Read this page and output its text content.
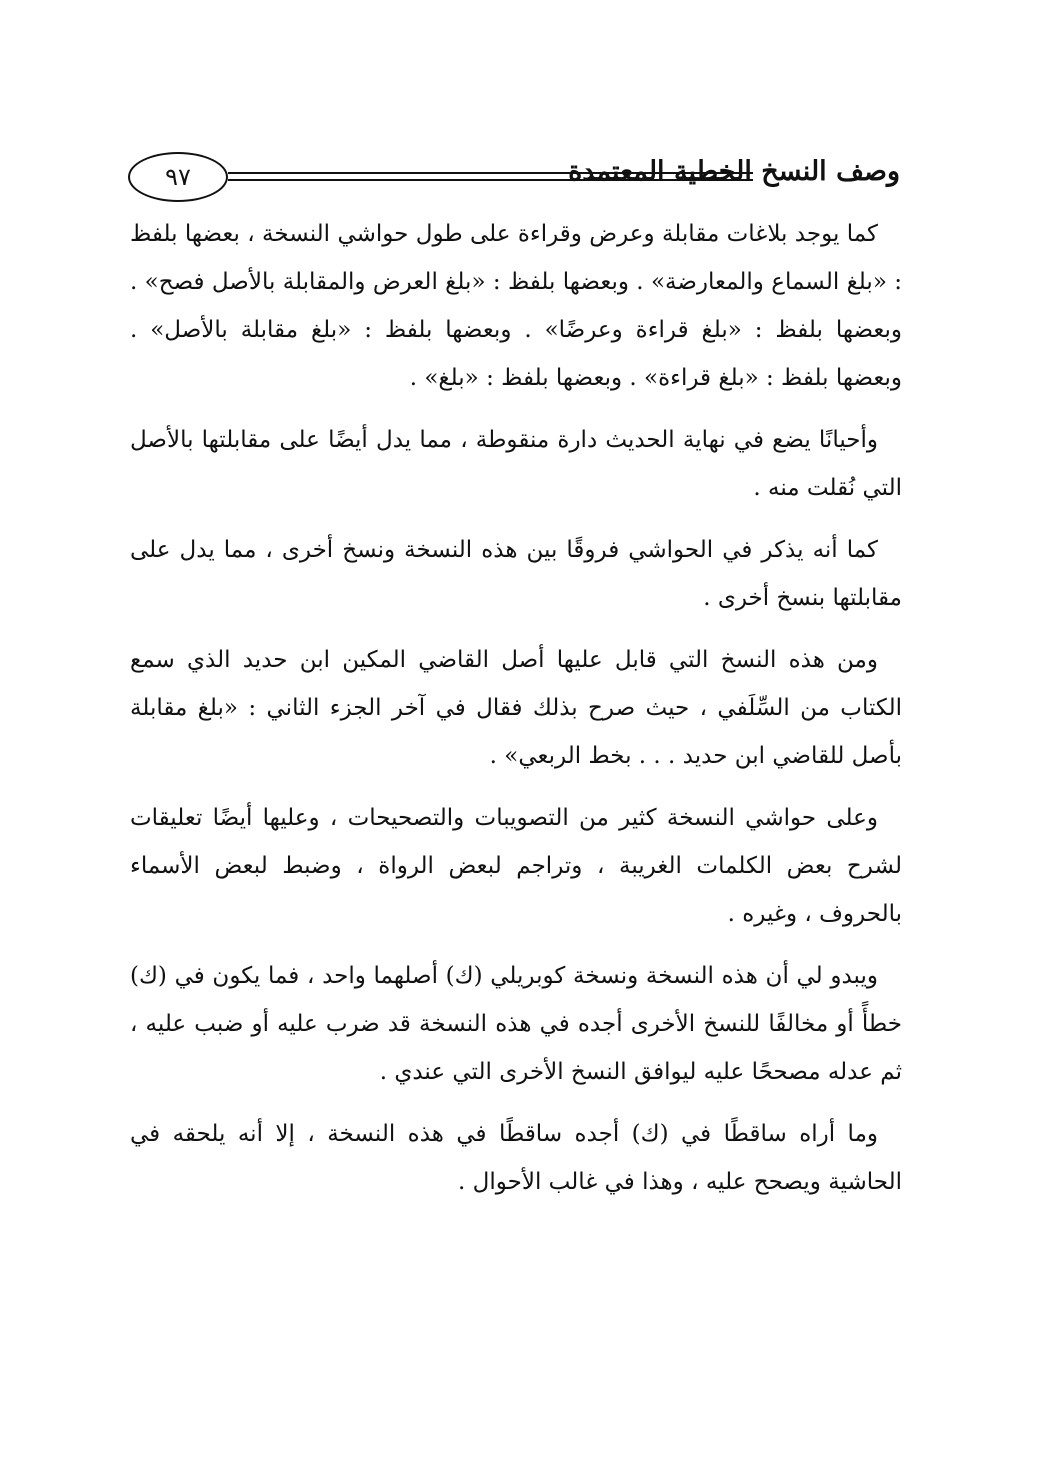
٩٧	وصف النسخ الخطية المعتمدة

كما يوجد بلاغات مقابلة وعرض وقراءة على طول حواشي النسخة ، بعضها بلفظ : «بلغ السماع والمعارضة» . وبعضها بلفظ : «بلغ العرض والمقابلة بالأصل فصح» . وبعضها بلفظ : «بلغ قراءة وعرضًا» . وبعضها بلفظ : «بلغ مقابلة بالأصل» . وبعضها بلفظ : «بلغ قراءة» . وبعضها بلفظ : «بلغ» .

وأحيانًا يضع في نهاية الحديث دارة منقوطة ، مما يدل أيضًا على مقابلتها بالأصل التي نُقلت منه .

كما أنه يذكر في الحواشي فروقًا بين هذه النسخة ونسخ أخرى ، مما يدل على مقابلتها بنسخ أخرى .

ومن هذه النسخ التي قابل عليها أصل القاضي المكين ابن حديد الذي سمع الكتاب من السِّلَفي ، حيث صرح بذلك فقال في آخر الجزء الثاني : «بلغ مقابلة بأصل للقاضي ابن حديد . . . بخط الربعي» .

وعلى حواشي النسخة كثير من التصويبات والتصحيحات ، وعليها أيضًا تعليقات لشرح بعض الكلمات الغريبة ، وتراجم لبعض الرواة ، وضبط لبعض الأسماء بالحروف ، وغيره .

ويبدو لي أن هذه النسخة ونسخة كوبريلي (ك) أصلهما واحد ، فما يكون في (ك) خطأً أو مخالفًا للنسخ الأخرى أجده في هذه النسخة قد ضرب عليه أو ضبب عليه ، ثم عدله مصححًا عليه ليوافق النسخ الأخرى التي عندي .

وما أراه ساقطًا في (ك) أجده ساقطًا في هذه النسخة ، إلا أنه يلحقه في الحاشية ويصحح عليه ، وهذا في غالب الأحوال .
